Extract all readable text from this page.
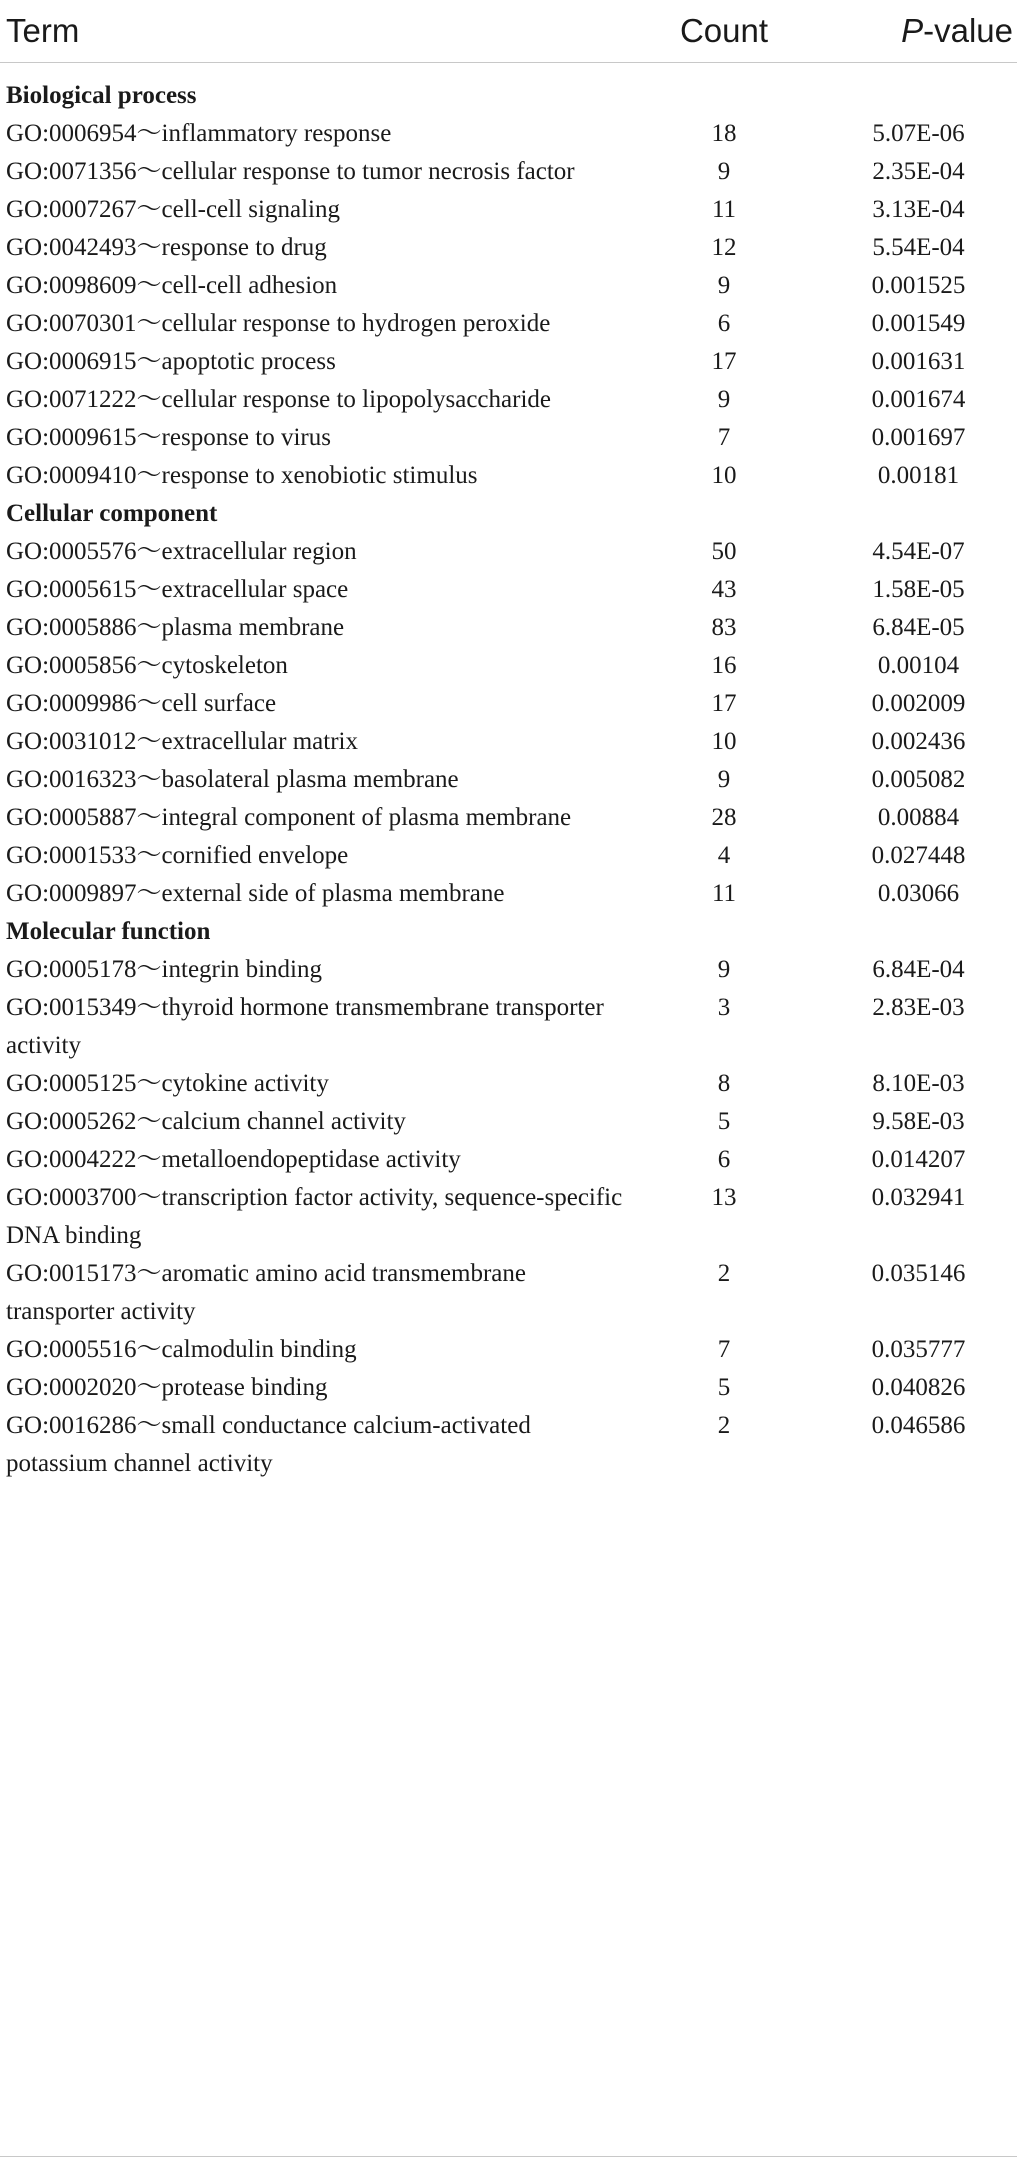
Term	Count	P-value
Biological process		
GO:0006954～inflammatory response	18	5.07E-06
GO:0071356～cellular response to tumor necrosis factor	9	2.35E-04
GO:0007267～cell-cell signaling	11	3.13E-04
GO:0042493～response to drug	12	5.54E-04
GO:0098609～cell-cell adhesion	9	0.001525
GO:0070301～cellular response to hydrogen peroxide	6	0.001549
GO:0006915～apoptotic process	17	0.001631
GO:0071222～cellular response to lipopolysaccharide	9	0.001674
GO:0009615～response to virus	7	0.001697
GO:0009410～response to xenobiotic stimulus	10	0.00181
Cellular component		
GO:0005576～extracellular region	50	4.54E-07
GO:0005615～extracellular space	43	1.58E-05
GO:0005886～plasma membrane	83	6.84E-05
GO:0005856～cytoskeleton	16	0.00104
GO:0009986～cell surface	17	0.002009
GO:0031012～extracellular matrix	10	0.002436
GO:0016323～basolateral plasma membrane	9	0.005082
GO:0005887～integral component of plasma membrane	28	0.00884
GO:0001533～cornified envelope	4	0.027448
GO:0009897～external side of plasma membrane	11	0.03066
Molecular function		
GO:0005178～integrin binding	9	6.84E-04
GO:0015349～thyroid hormone transmembrane transporter activity	3	2.83E-03
GO:0005125～cytokine activity	8	8.10E-03
GO:0005262～calcium channel activity	5	9.58E-03
GO:0004222～metalloendopeptidase activity	6	0.014207
GO:0003700～transcription factor activity, sequence-specific DNA binding	13	0.032941
GO:0015173～aromatic amino acid transmembrane transporter activity	2	0.035146
GO:0005516～calmodulin binding	7	0.035777
GO:0002020～protease binding	5	0.040826
GO:0016286～small conductance calcium-activated potassium channel activity	2	0.046586
